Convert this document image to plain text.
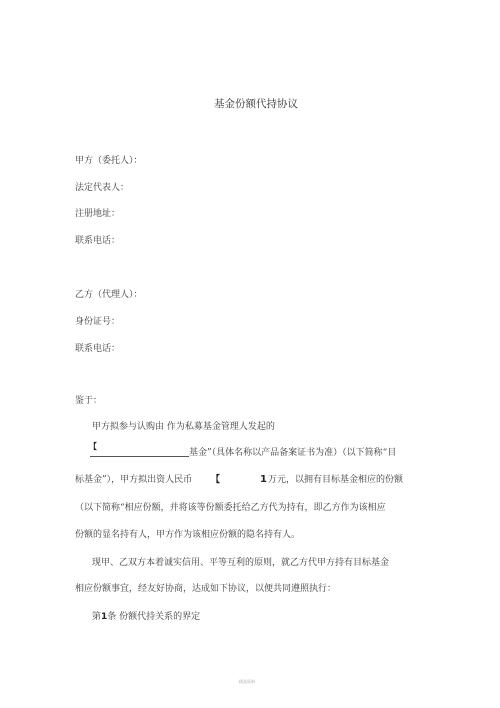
基金份额代持协议
甲方（委托人）：
法定代表人：
注册地址：
联系电话：
乙方（代理人）：
身份证号：
联系电话：
鉴于：
甲方拟参与认购由 作为私募基金管理人发起的
【
基金”（具体名称以产品备案证书为准）（以下简称“目
标基金”），甲方拟出资人民币 【	1 万元，以拥有目标基金相应的份额
（以下简称“相应份额，并将该等份额委托给乙方代为持有，即乙方作为该相应
份额的显名持有人，甲方作为该相应份额的隐名持有人。
现甲、乙双方本着诚实信用、平等互利的原则，就乙方代甲方持有目标基金
相应份额事宜，经友好协商，达成如下协议，以便共同遵照执行：
第1条 份额代持关系的界定
精品资料
